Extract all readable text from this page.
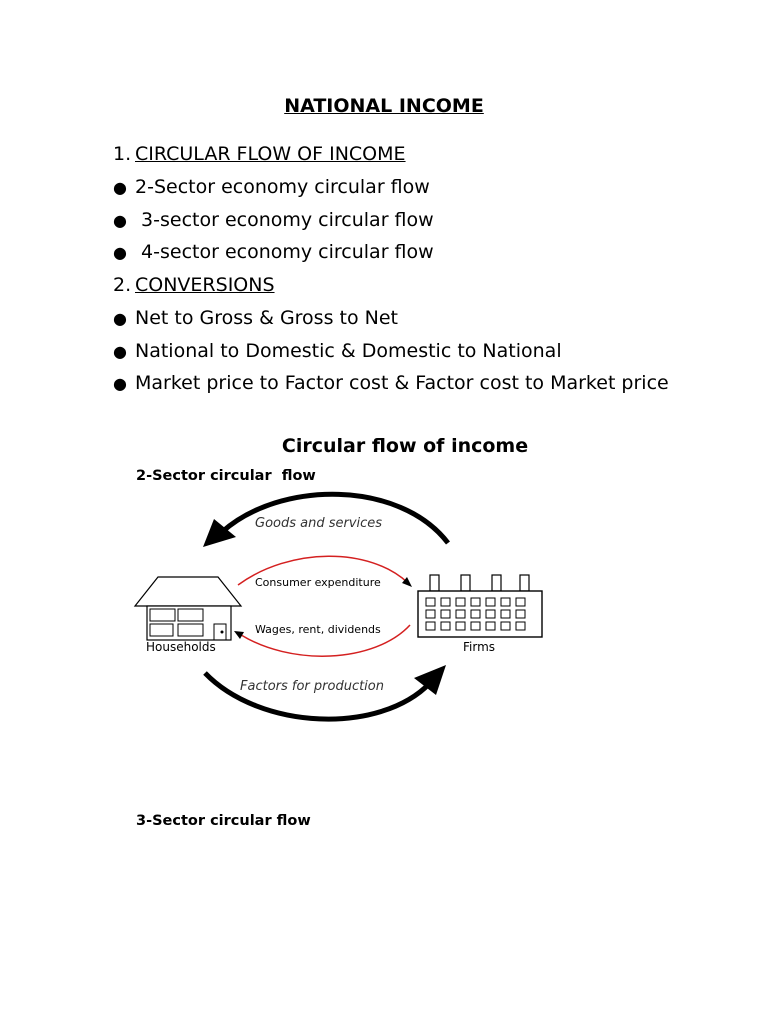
NATIONAL INCOME
1. CIRCULAR FLOW OF INCOME
● 2-Sector economy circular flow
● 3-sector economy circular flow
● 4-sector economy circular flow
2. CONVERSIONS
● Net to Gross & Gross to Net
● National to Domestic & Domestic to National
● Market price to Factor cost & Factor cost to Market price
Circular flow of income
2-Sector circular  flow
Goods and services
Consumer expenditure
Wages, rent, dividends
Households	Firms
Factors for production
3-Sector circular flow
